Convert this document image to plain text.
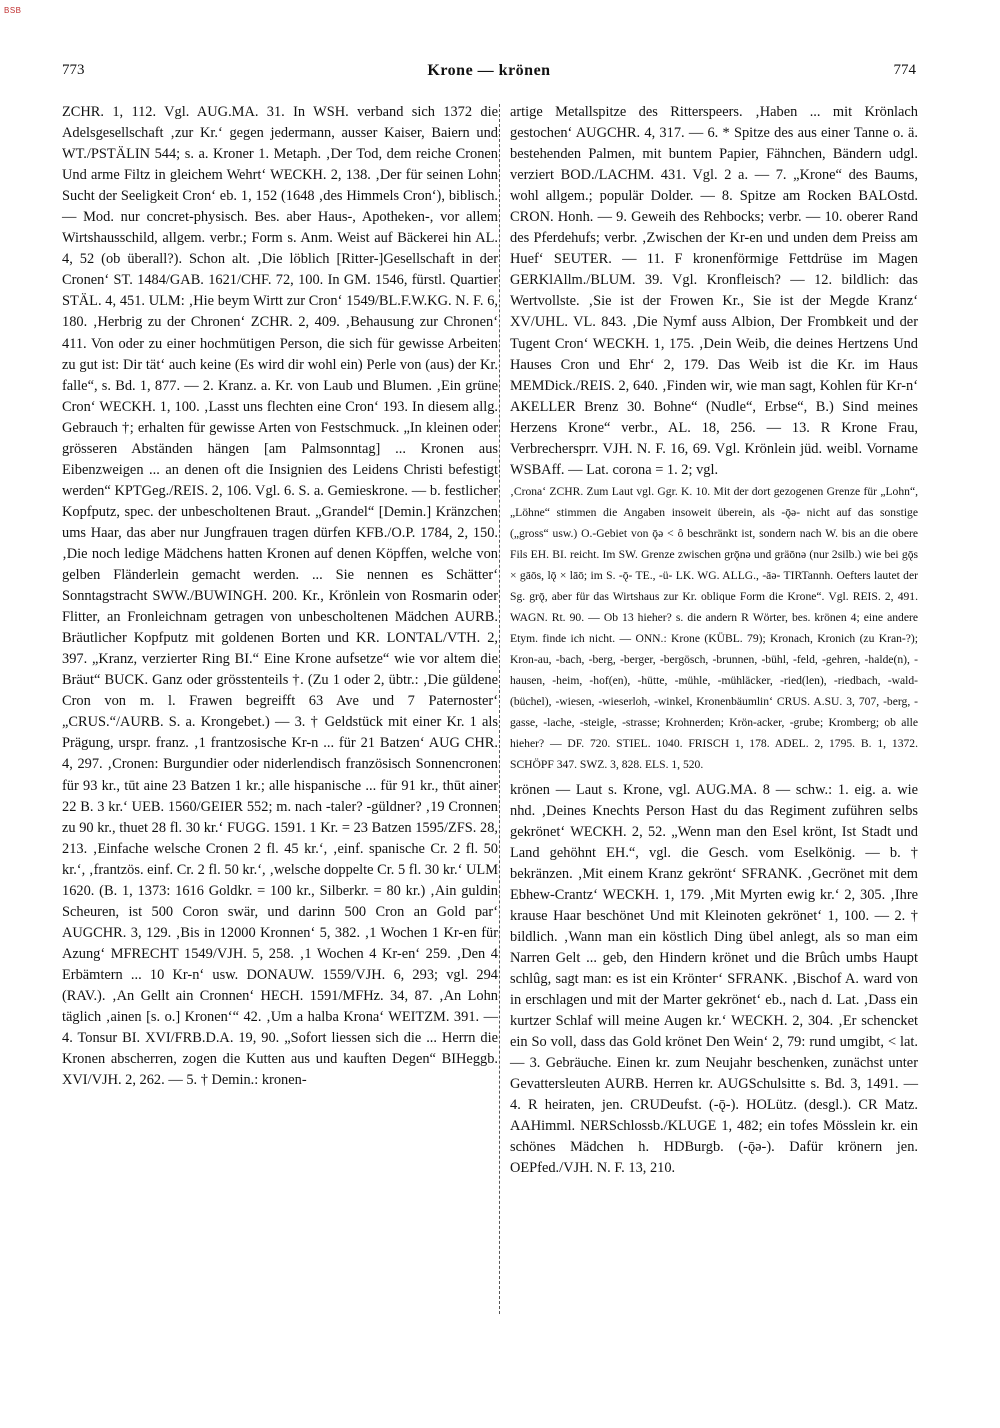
BSB
773	Krone — krönen	774

ZCHR. 1, 112. Vgl. AUG.MA. 31. In WSH. verband sich 1372 die Adelsgesellschaft ‚zur Kr.‘ gegen jedermann, ausser Kaiser, Baiern und WT./PSTÄLIN 544; s. a. Kroner 1. Metaph. ‚Der Tod, dem reiche Cronen Und arme Filtz in gleichem Wehrt‘ WECKH. 2, 138. ‚Der für seinen Lohn Sucht der Seeligkeit Cron‘ eb. 1, 152 (1648 ‚des Himmels Cron‘), biblisch. — Mod. nur concret-physisch. Bes. aber Haus-, Apotheken-, vor allem Wirtshausschild, allgem. verbr.; Form s. Anm. Weist auf Bäckerei hin AL. 4, 52 (ob überall?). Schon alt. ‚Die löblich [Ritter-]Gesellschaft in der Cronen‘ ST. 1484/GAB. 1621/CHF. 72, 100. In GM. 1546, fürstl. Quartier STÄL. 4, 451. ULM: ‚Hie beym Wirtt zur Cron‘ 1549/BL.F.W.KG. N. F. 6, 180. ‚Herbrig zu der Chronen‘ ZCHR. 2, 409. ‚Behausung zur Chronen‘ 411. Von oder zu einer hochmütigen Person, die sich für gewisse Arbeiten zu gut ist: Dir tät‘ auch keine (Es wird dir wohl ein) Perle von (aus) der Kr. falle“, s. Bd. 1, 877. — 2. Kranz. a. Kr. von Laub und Blumen. ‚Ein grüne Cron‘ WECKH. 1, 100. ‚Lasst uns flechten eine Cron‘ 193. In diesem allg. Gebrauch †; erhalten für gewisse Arten von Festschmuck. „In kleinen oder grösseren Abständen hängen [am Palmsonntag] ... Kronen aus Eibenzweigen ... an denen oft die Insignien des Leidens Christi befestigt werden“ KPTGeg./REIS. 2, 106. Vgl. 6. S. a. Gemieskrone. — b. festlicher Kopfputz, spec. der unbescholtenen Braut. „Grandel“ [Demin.] Kränzchen ums Haar, das aber nur Jungfrauen tragen dürfen KFB./O.P. 1784, 2, 150. ‚Die noch ledige Mädchens hatten Kronen auf denen Köpffen, welche von gelben Fländerlein gemacht werden. ... Sie nennen es Schätter‘ Sonntagstracht SWW./BUWINGH. 200. Kr., Krönlein von Rosmarin oder Flitter, an Fronleichnam getragen von unbescholtenen Mädchen AURB. Bräutlicher Kopfputz mit goldenen Borten und KR. LONTAL/VTH. 2, 397. „Kranz, verzierter Ring BI.“ Eine Krone aufsetze“ wie vor altem die Bräut“ BUCK. Ganz oder grösstenteils †. (Zu 1 oder 2, übtr.: ‚Die güldene Cron von m. l. Frawen begreifft 63 Ave und 7 Paternoster‘ „CRUS.“/AURB. S. a. Krongebet.) — 3. † Geldstück mit einer Kr. 1 als Prägung, urspr. franz. ‚1 frantzosische Kr-n ... für 21 Batzen‘ AUG CHR. 4, 297. ‚Cronen: Burgundier oder niderlendisch französisch Sonnencronen für 93 kr., tūt aine 23 Batzen 1 kr.; alle hispanische ... für 91 kr., thūt ainer 22 B. 3 kr.‘ UEB. 1560/GEIER 552; m. nach -taler? -güldner? ‚19 Cronnen zu 90 kr., thuet 28 fl. 30 kr.‘ FUGG. 1591. 1 Kr. = 23 Batzen 1595/ZFS. 28, 213. ‚Einfache welsche Cronen 2 fl. 45 kr.‘, ‚einf. spanische Cr. 2 fl. 50 kr.‘, ‚frantzös. einf. Cr. 2 fl. 50 kr.‘, ‚welsche doppelte Cr. 5 fl. 30 kr.‘ ULM 1620. (B. 1, 1373: 1616 Goldkr. = 100 kr., Silberkr. = 80 kr.) ‚Ain guldin Scheuren, ist 500 Coron swär, und darinn 500 Cron an Gold par‘ AUGCHR. 3, 129. ‚Bis in 12000 Kronnen‘ 5, 382. ‚1 Wochen 1 Kr-en für Azung‘ MFRECHT 1549/VJH. 5, 258. ‚1 Wochen 4 Kr-en‘ 259. ‚Den 4 Erbämtern ... 10 Kr-n‘ usw. DONAUW. 1559/VJH. 6, 293; vgl. 294 (RAV.). ‚An Gellt ain Cronnen‘ HECH. 1591/MFHz. 34, 87. ‚An Lohn täglich ‚ainen [s. o.] Kronen‘“ 42. ‚Um a halba Krona‘ WEITZM. 391. — 4. Tonsur BI. XVI/FRB.D.A. 19, 90. „Sofort liessen sich die ... Herrn die Kronen abscherren, zogen die Kutten aus und kauften Degen“ BIHeggb. XVI/VJH. 2, 262. — 5. † Demin.: kronen-

artige Metallspitze des Ritterspeers. ‚Haben ... mit Krönlach gestochen‘ AUGCHR. 4, 317. — 6. * Spitze des aus einer Tanne o. ä. bestehenden Palmen, mit buntem Papier, Fähnchen, Bändern udgl. verziert BOD./LACHM. 431. Vgl. 2 a. — 7. „Krone“ des Baums, wohl allgem.; populär Dolder. — 8. Spitze am Rocken BALOstd. CRON. Honh. — 9. Geweih des Rehbocks; verbr. — 10. oberer Rand des Pferdehufs; verbr. ‚Zwischen der Kr-en und unden dem Preiss am Huef‘ SEUTER. — 11. F kronenförmige Fettdrüse im Magen GERKlAllm./BLUM. 39. Vgl. Kronfleisch? — 12. bildlich: das Wertvollste. ‚Sie ist der Frowen Kr., Sie ist der Megde Kranz‘ XV/UHL. VL. 843. ‚Die Nymf auss Albion, Der Frombkeit und der Tugent Cron‘ WECKH. 1, 175. ‚Dein Weib, die deines Hertzens Und Hauses Cron und Ehr‘ 2, 179. Das Weib ist die Kr. im Haus MEMDick./REIS. 2, 640. ‚Finden wir, wie man sagt, Kohlen für Kr-n‘ AKELLER Brenz 30. Bohne“ (Nudle“, Erbse“, B.) Sind meines Herzens Krone“ verbr., AL. 18, 256. — 13. R Krone Frau, Verbrechersprr. VJH. N. F. 16, 69. Vgl. Krönlein jüd. weibl. Vorname WSBAff. — Lat. corona = 1. 2; vgl.

‚Crona‘ ZCHR. Zum Laut vgl. Ggr. K. 10. Mit der dort gezogenen Grenze für „Lohn“, „Löhne“ stimmen die Angaben insoweit überein, als -ǭə- nicht auf das sonstige („gross“ usw.) O.-Gebiet von ǭə < ô beschränkt ist, sondern nach W. bis an die obere Fils EH. BI. reicht. Im SW. Grenze zwischen grǭnə und gräōnə (nur 2silb.) wie bei gǭs × gāōs, lǭ × lāō; im S. -ǭ- TE., -ü- LK. WG. ALLG., -āə- TIRTannh. Oefters lautet der Sg. grǭ, aber für das Wirtshaus zur Kr. obliquе Form die Krone“. Vgl. REIS. 2, 491. WAGN. Rt. 90. — Ob 13 hieher? s. die andern R Wörter, bes. krönen 4; eine andere Etym. finde ich nicht. — ONN.: Krone (KÜBL. 79); Kronach, Kronich (zu Kran-?); Kron-au, -bach, -berg, -berger, -bergösch, -brunnen, -bühl, -feld, -gehren, -halde(n), -hausen, -heim, -hof(en), -hütte, -mühle, -mühläcker, -ried(len), -riedbach, -wald-(büchel), -wiesen, -wieserloh, -winkel, Kronenbäumlin‘ CRUS. A.SU. 3, 707, -berg, -gasse, -lache, -steigle, -strasse; Krohnerden; Krön-acker, -grube; Kromberg; ob alle hieher? — DF. 720. STIEL. 1040. FRISCH 1, 178. ADEL. 2, 1795. B. 1, 1372. SCHÖPF 347. SWZ. 3, 828. ELS. 1, 520.

krönen — Laut s. Krone, vgl. AUG.MA. 8 — schw.: 1. eig. a. wie nhd. ‚Deines Knechts Person Hast du das Regiment zuführen selbs gekrönet‘ WECKH. 2, 52. „Wenn man den Esel krönt, Ist Stadt und Land gehöhnt EH.“, vgl. die Gesch. vom Eselkönig. — b. † bekränzen. ‚Mit einem Kranz gekrönt‘ SFRANK. ‚Gecrönet mit dem Ebhew-Crantz‘ WECKH. 1, 179. ‚Mit Myrten ewig kr.‘ 2, 305. ‚Ihre krause Haar beschönet Und mit Kleinoten gekrönet‘ 1, 100. — 2. † bildlich. ‚Wann man ein köstlich Ding übel anlegt, als so man eim Narren Gelt ... geb, den Hindern krönet und die Brûch umbs Haupt schlûg, sagt man: es ist ein Kröntег‘ SFRANK. ‚Bischof A. ward von in erschlagen und mit der Marter gekrönet‘ eb., nach d. Lat. ‚Dass ein kurtzer Schlaf will meine Augen kr.‘ WECKH. 2, 304. ‚Er schencket ein So voll, dass das Gold krönet Den Wein‘ 2, 79: rund umgibt, < lat. — 3. Gebräuche. Einen kr. zum Neujahr beschenken, zunächst unter Gevattersleuten AURB. Herren kr. AUGSchulsitte s. Bd. 3, 1491. — 4. R heiraten, jen. CRUDeufst. (-ǭ-). HOLütz. (desgl.). CR Matz. AAHimml. NERSchlossb./KLUGE 1, 482; ein tofes Mösslein kr. ein schönes Mädchen h. HDBurgb. (-ǭə-). Dafür krönern jen. OEPfed./VJH. N. F. 13, 210.
